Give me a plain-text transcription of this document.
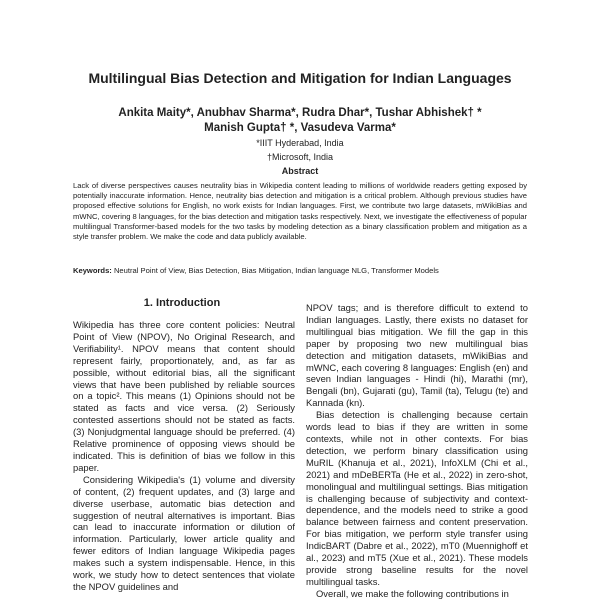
Multilingual Bias Detection and Mitigation for Indian Languages
Ankita Maity*, Anubhav Sharma*, Rudra Dhar*, Tushar Abhishek† *
Manish Gupta† *, Vasudeva Varma*
*IIIT Hyderabad, India
†Microsoft, India
Abstract
Lack of diverse perspectives causes neutrality bias in Wikipedia content leading to millions of worldwide readers getting exposed by potentially inaccurate information. Hence, neutrality bias detection and mitigation is a critical problem. Although previous studies have proposed effective solutions for English, no work exists for Indian languages. First, we contribute two large datasets, mWikiBias and mWNC, covering 8 languages, for the bias detection and mitigation tasks respectively. Next, we investigate the effectiveness of popular multilingual Transformer-based models for the two tasks by modeling detection as a binary classification problem and mitigation as a style transfer problem. We make the code and data publicly available.
Keywords: Neutral Point of View, Bias Detection, Bias Mitigation, Indian language NLG, Transformer Models
1. Introduction

Wikipedia has three core content policies: Neutral Point of View (NPOV), No Original Research, and Verifiability¹. NPOV means that content should represent fairly, proportionately, and, as far as possible, without editorial bias, all the significant views that have been published by reliable sources on a topic². This means (1) Opinions should not be stated as facts and vice versa. (2) Seriously contested assertions should not be stated as facts. (3) Nonjudgmental language should be preferred. (4) Relative prominence of opposing views should be indicated. This is definition of bias we follow in this paper.

Considering Wikipedia's (1) volume and diversity of content, (2) frequent updates, and (3) large and diverse userbase, automatic bias detection and suggestion of neutral alternatives is important. Bias can lead to inaccurate information or dilution of information. Particularly, lower article quality and fewer editors of Indian language Wikipedia pages makes such a system indispensable. Hence, in this work, we study how to detect sentences that violate the NPOV guidelines and

NPOV tags; and is therefore difficult to extend to Indian languages. Lastly, there exists no dataset for multilingual bias mitigation. We fill the gap in this paper by proposing two new multilingual bias detection and mitigation datasets, mWikiBias and mWNC, each covering 8 languages: English (en) and seven Indian languages - Hindi (hi), Marathi (mr), Bengali (bn), Gujarati (gu), Tamil (ta), Telugu (te) and Kannada (kn).

Bias detection is challenging because certain words lead to bias if they are written in some contexts, while not in other contexts. For bias detection, we perform binary classification using MuRIL (Khanuja et al., 2021), InfoXLM (Chi et al., 2021) and mDeBERTa (He et al., 2022) in zero-shot, monolingual and multilingual settings. Bias mitigation is challenging because of subjectivity and context-dependence, and the models need to strike a good balance between fairness and content preservation. For bias mitigation, we perform style transfer using IndicBART (Dabre et al., 2022), mT0 (Muennighoff et al., 2023) and mT5 (Xue et al., 2021). These models provide strong baseline results for the novel multilingual tasks.

Overall, we make the following contributions in
